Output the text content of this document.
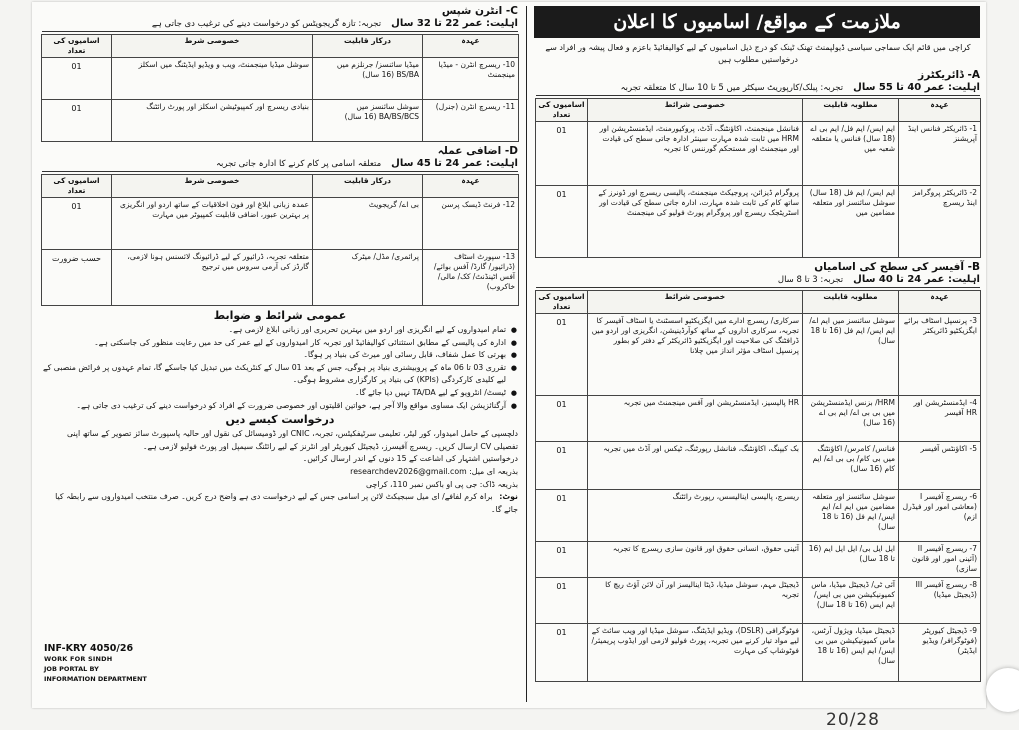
ملازمت کے مواقع/ اسامیوں کا اعلان
کراچی میں قائم ایک سماجی سیاسی ڈیولپمنٹ تھنک ٹینک کو درج ذیل اسامیوں کے لیے کوالیفائیڈ باعزم و فعال پیشہ ور افراد سے درخواستیں مطلوب ہیں
A- ڈائریکٹرز
اہلیت: عمر 40 تا 55 سال
تجربہ: پبلک/کارپوریٹ سیکٹر میں 5 تا 10 سال کا متعلقہ تجربہ
عہدہ	مطلوبہ قابلیت	خصوصی شرائط	اسامیوں کی تعداد
1- ڈائریکٹر فنانس اینڈ آپریشنز	ایم ایس/ ایم فل/ ایم بی اے (18 سال) فنانس یا متعلقہ شعبہ میں	فنانشل مینجمنٹ، اکاؤنٹنگ، آڈٹ، پروکیورمنٹ، ایڈمنسٹریشن اور HRM میں ثابت شدہ مہارت سینئر ادارہ جاتی سطح کی قیادت اور مینجمنٹ اور مستحکم گورننس کا تجربہ	01
2- ڈائریکٹر پروگرامز اینڈ ریسرچ	ایم ایس/ ایم فل (18 سال) سوشل سائنسز اور متعلقہ مضامین میں	پروگرام ڈیزائن، پروجیکٹ مینجمنٹ، پالیسی ریسرچ اور ڈونرز کے ساتھ کام کی ثابت شدہ مہارت، ادارہ جاتی سطح کی قیادت اور اسٹریٹجک ریسرچ اور پروگرام پورٹ فولیو کی مینجمنٹ	01
B- آفیسر کی سطح کی اسامیاں
اہلیت: عمر 24 تا 40 سال
تجربہ: 3 تا 8 سال
عہدہ	مطلوبہ قابلیت	خصوصی شرائط	اسامیوں کی تعداد
3- پرنسپل اسٹاف برائے ایگزیکٹیو ڈائریکٹر	سوشل سائنسز میں ایم اے/ ایم ایس/ ایم فل (16 تا 18 سال)	سرکاری/ ریسرچ ادارے میں ایگزیکٹیو اسسٹنٹ یا اسٹاف آفیسر کا تجربہ، سرکاری اداروں کے ساتھ کوآرڈینیشن، انگریزی اور اردو میں ڈرافٹنگ کی صلاحیت اور ایگزیکٹیو ڈائریکٹر کے دفتر کو بطور پرنسپل اسٹاف مؤثر انداز میں چلانا	01
4- ایڈمنسٹریشن اور HR آفیسر	HRM/ بزنس ایڈمنسٹریشن میں بی بی اے/ ایم بی اے (16 سال)	HR پالیسیز، ایڈمنسٹریشن اور آفس مینجمنٹ میں تجربہ	01
5- اکاؤنٹس آفیسر	فنانس/ کامرس/ اکاؤنٹنگ میں بی کام/ بی بی اے/ ایم کام (16 سال)	بک کیپنگ، اکاؤنٹنگ، فنانشل رپورٹنگ، ٹیکس اور آڈٹ میں تجربہ	01
6- ریسرچ آفیسر I (معاشی امور اور فیڈرل ازم)	سوشل سائنسز اور متعلقہ مضامین میں ایم اے/ ایم ایس/ ایم فل (16 تا 18 سال)	ریسرچ، پالیسی اینالیسس، رپورٹ رائٹنگ	01
7- ریسرچ آفیسر II (آئینی امور اور قانون سازی)	ایل ایل بی/ ایل ایل ایم (16 تا 18 سال)	آئینی حقوق، انسانی حقوق اور قانون سازی ریسرچ کا تجربہ	01
8- ریسرچ آفیسر III (ڈیجیٹل میڈیا)	آئی ٹی/ ڈیجیٹل میڈیا، ماس کمیونیکیشن میں بی ایس/ ایم ایس (16 تا 18 سال)	ڈیجیٹل مہم، سوشل میڈیا، ڈیٹا اینالیسز اور آن لائن آؤٹ ریچ کا تجربہ	01
9- ڈیجیٹل کیوریٹر (فوٹوگرافر/ ویڈیو ایڈیٹر)	ڈیجیٹل میڈیا، ویژول آرٹس، ماس کمیونیکیشن میں بی ایس/ ایم ایس (16 تا 18 سال)	فوٹوگرافی (DSLR)، ویڈیو ایڈیٹنگ، سوشل میڈیا اور ویب سائٹ کے لیے مواد تیار کرنے میں تجربہ، پورٹ فولیو لازمی اور ایڈوب پریمیئر/ فوٹوشاپ کی مہارت	01
C- انٹرن شپس
اہلیت: عمر 22 تا 32 سال
تجربہ: تازہ گریجویٹس کو درخواست دینے کی ترغیب دی جاتی ہے
عہدہ	درکار قابلیت	خصوصی شرط	اسامیوں کی تعداد
10- ریسرچ انٹرن - میڈیا مینجمنٹ	میڈیا سائنسز/ جرنلزم میں BS/BA (16 سال)	سوشل میڈیا مینجمنٹ، ویب و ویڈیو ایڈیٹنگ میں اسکلز	01
11- ریسرچ انٹرن (جنرل)	سوشل سائنسز میں BA/BS/BCS (16 سال)	بنیادی ریسرچ اور کمپیوٹیشن اسکلز اور پورٹ رائٹنگ	01
D- اضافی عملہ
اہلیت: عمر 24 تا 45 سال
متعلقہ اسامی پر کام کرنے کا ادارہ جاتی تجربہ
عہدہ	درکار قابلیت	خصوصی شرط	اسامیوں کی تعداد
12- فرنٹ ڈیسک پرسن	بی اے/ گریجویٹ	عمدہ زبانی ابلاغ اور فون اخلاقیات کے ساتھ اردو اور انگریزی پر بہترین عبور، اضافی قابلیت کمپیوٹر میں مہارت	01
13- سپورٹ اسٹاف (ڈرائیور/ گارڈ/ آفس بوائے/ آفس اٹینڈنٹ/ کک/ مالی/ خاکروب)	پرائمری/ مڈل/ میٹرک	متعلقہ تجربہ، ڈرائیور کے لیے ڈرائیونگ لائسنس ہونا لازمی، گارڈز کی آرمی سروس میں ترجیح	حسب ضرورت
عمومی شرائط و ضوابط
● تمام امیدواروں کے لیے انگریزی اور اردو میں بہترین تحریری اور زبانی ابلاغ لازمی ہے۔
● ادارہ کی پالیسی کے مطابق استثنائی کوالیفائیڈ اور تجربہ کار امیدواروں کے لیے عمر کی حد میں رعایت منظور کی جاسکتی ہے۔
● بھرتی کا عمل شفاف، قابل رسائی اور میرٹ کی بنیاد پر ہوگا۔
● تقرری 03 تا 06 ماہ کے پروبیشنری بنیاد پر ہوگی، جس کے بعد 01 سال کے کنٹریکٹ میں تبدیل کیا جاسکے گا، تمام عہدوں پر فرائض منصبی کے لیے کلیدی کارکردگی (KPIs) کی بنیاد پر کارگزاری مشروط ہوگی۔
● ٹیسٹ/ انٹرویو کے لیے TA/DA نہیں دیا جائے گا۔
● آرگنائزیشن ایک مساوی مواقع والا آجر ہے، خواتین اقلیتوں اور خصوصی ضرورت کے افراد کو درخواست دینے کی ترغیب دی جاتی ہے۔
درخواست کیسے دیں
دلچسپی کے حامل امیدوار، کور لیٹر، تعلیمی سرٹیفکیٹس، تجربہ، CNIC اور ڈومیسائل کی نقول اور حالیہ پاسپورٹ سائز تصویر کے ساتھ اپنی تفصیلی CV ارسال کریں۔ ریسرچ آفیسرز، ڈیجیٹل کیوریٹر اور انٹرنز کے لیے رائٹنگ سیمپل اور پورٹ فولیو لازمی ہے۔
درخواستیں اشتہار کی اشاعت کے 15 دنوں کے اندر ارسال کرائیں۔
بذریعہ ای میل: researchdev2026@gmail.com
بذریعہ ڈاک: جی پی او باکس نمبر 110، کراچی
نوٹ: براہ کرم لفافے/ ای میل سبجیکٹ لائن پر اسامی جس کے لیے درخواست دی ہے واضح درج کریں۔ صرف منتخب امیدواروں سے رابطہ کیا جائے گا۔
INF-KRY 4050/26
WORK FOR SINDH
JOB PORTAL BY
INFORMATION DEPARTMENT
20/28
